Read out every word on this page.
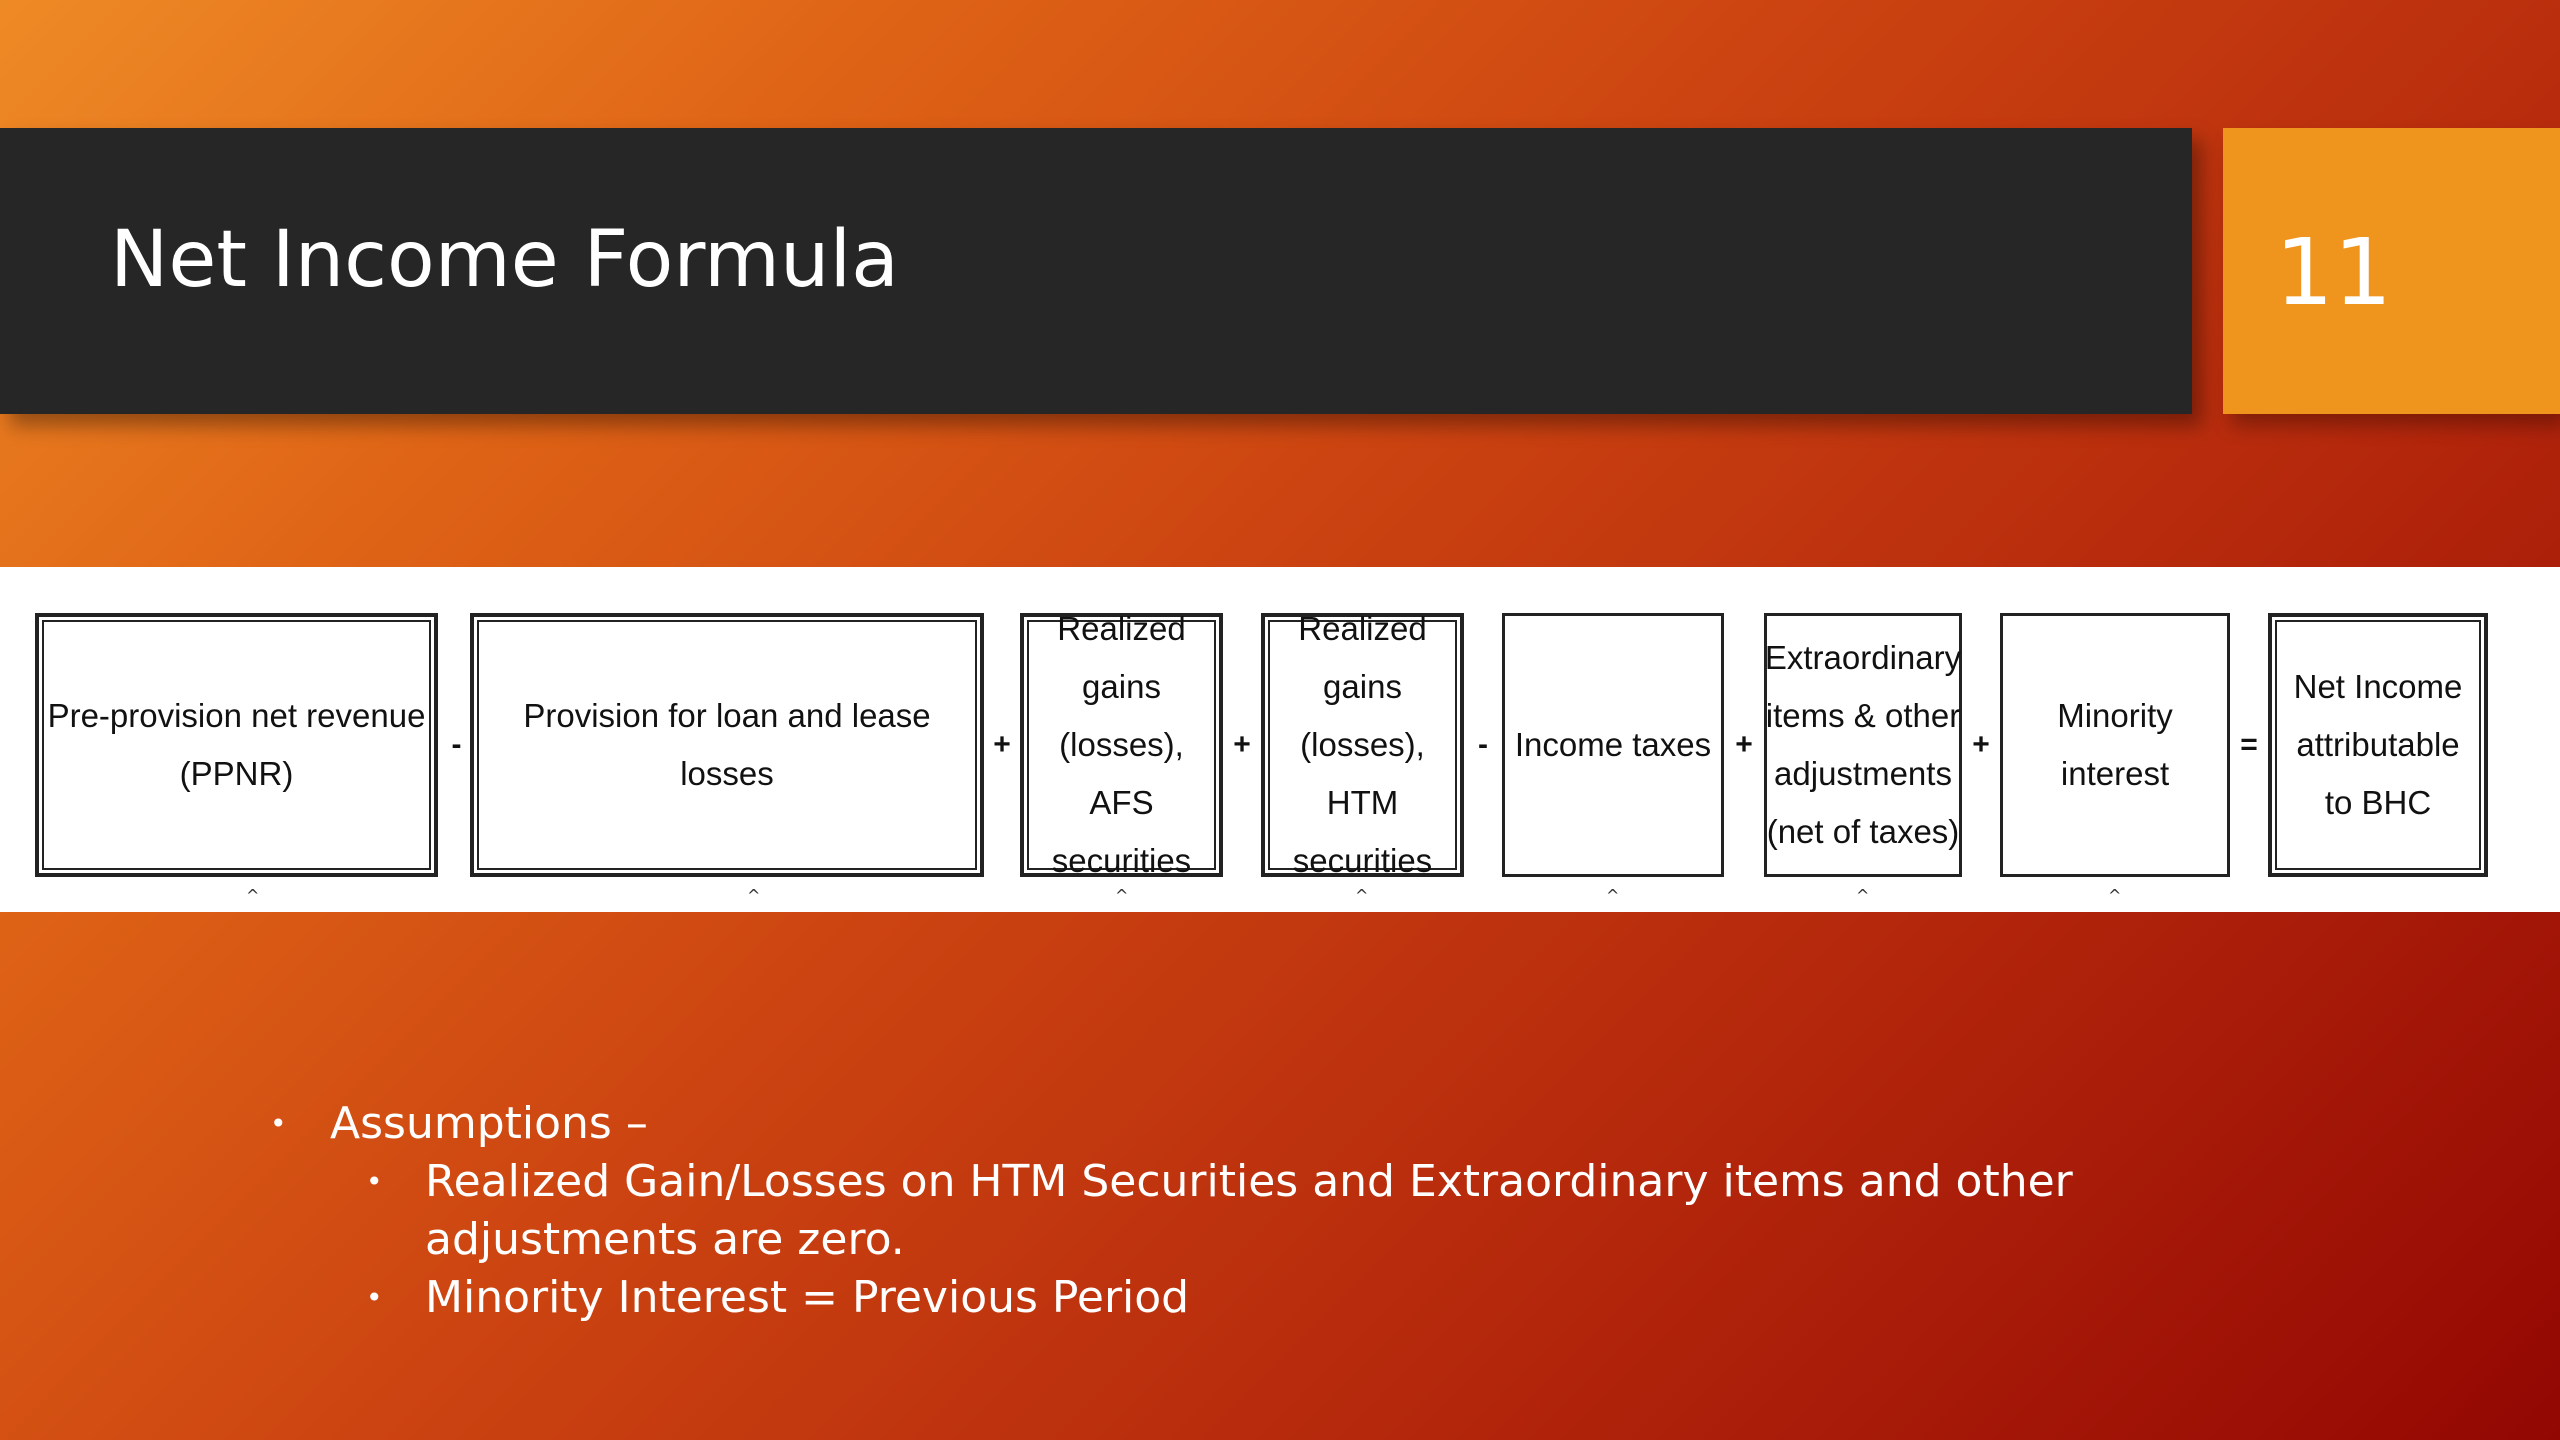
Net Income Formula	11
Pre-provision net revenue (PPNR)
-
Provision for loan and lease losses
+
Realized gains (losses), AFS securities
+
Realized gains (losses), HTM securities
- Income taxes +
Extraordinary items & other adjustments (net of taxes)
+
Minority interest
=
Net Income attributable to BHC
^	^	^	^	^	^	^
• Assumptions –
• Realized Gain/Losses on HTM Securities and Extraordinary items and other adjustments are zero.
• Minority Interest = Previous Period
